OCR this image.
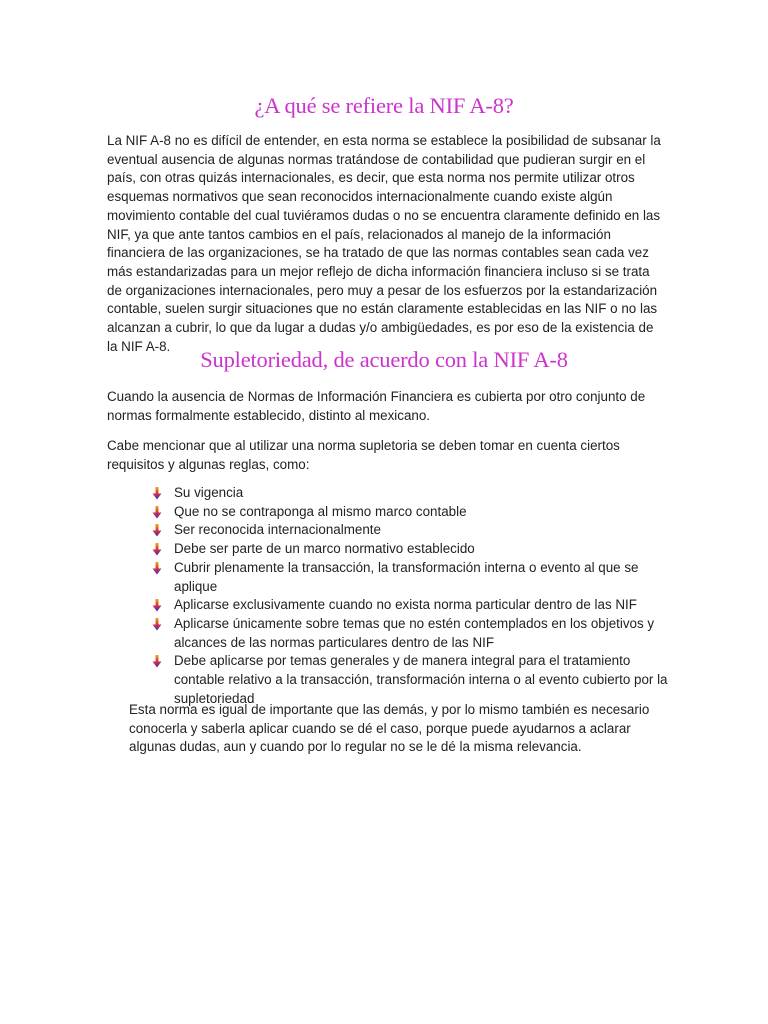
¿A qué se refiere la NIF A-8?

La NIF A-8 no es difícil de entender, en esta norma se establece la posibilidad de subsanar la eventual ausencia de algunas normas tratándose de contabilidad que pudieran surgir en el país, con otras quizás internacionales, es decir, que esta norma nos permite utilizar otros esquemas normativos que sean reconocidos internacionalmente cuando existe algún movimiento contable del cual tuviéramos dudas o no se encuentra claramente definido en las NIF, ya que ante tantos cambios en el país, relacionados al manejo de la información financiera de las organizaciones, se ha tratado de que las normas contables sean cada vez más estandarizadas para un mejor reflejo de dicha información financiera incluso si se trata de organizaciones internacionales, pero muy a pesar de los esfuerzos por la estandarización contable, suelen surgir situaciones que no están claramente establecidas en las NIF o no las alcanzan a cubrir, lo que da lugar a dudas y/o ambigüedades, es por eso de la existencia de la NIF A-8.

Supletoriedad, de acuerdo con la NIF A-8

Cuando la ausencia de Normas de Información Financiera es cubierta por otro conjunto de normas formalmente establecido, distinto al mexicano.

Cabe mencionar que al utilizar una norma supletoria se deben tomar en cuenta ciertos requisitos y algunas reglas, como:

Su vigencia
Que no se contraponga al mismo marco contable
Ser reconocida internacionalmente
Debe ser parte de un marco normativo establecido
Cubrir plenamente la transacción, la transformación interna o evento al que se aplique
Aplicarse exclusivamente cuando no exista norma particular dentro de las NIF
Aplicarse únicamente sobre temas que no estén contemplados en los objetivos y alcances de las normas particulares dentro de las NIF
Debe aplicarse por temas generales y de manera integral para el tratamiento contable relativo a la transacción, transformación interna o al evento cubierto por la supletoriedad

Esta norma es igual de importante que las demás, y por lo mismo también es necesario conocerla y saberla aplicar cuando se dé el caso, porque puede ayudarnos a aclarar algunas dudas, aun y cuando por lo regular no se le dé la misma relevancia.
